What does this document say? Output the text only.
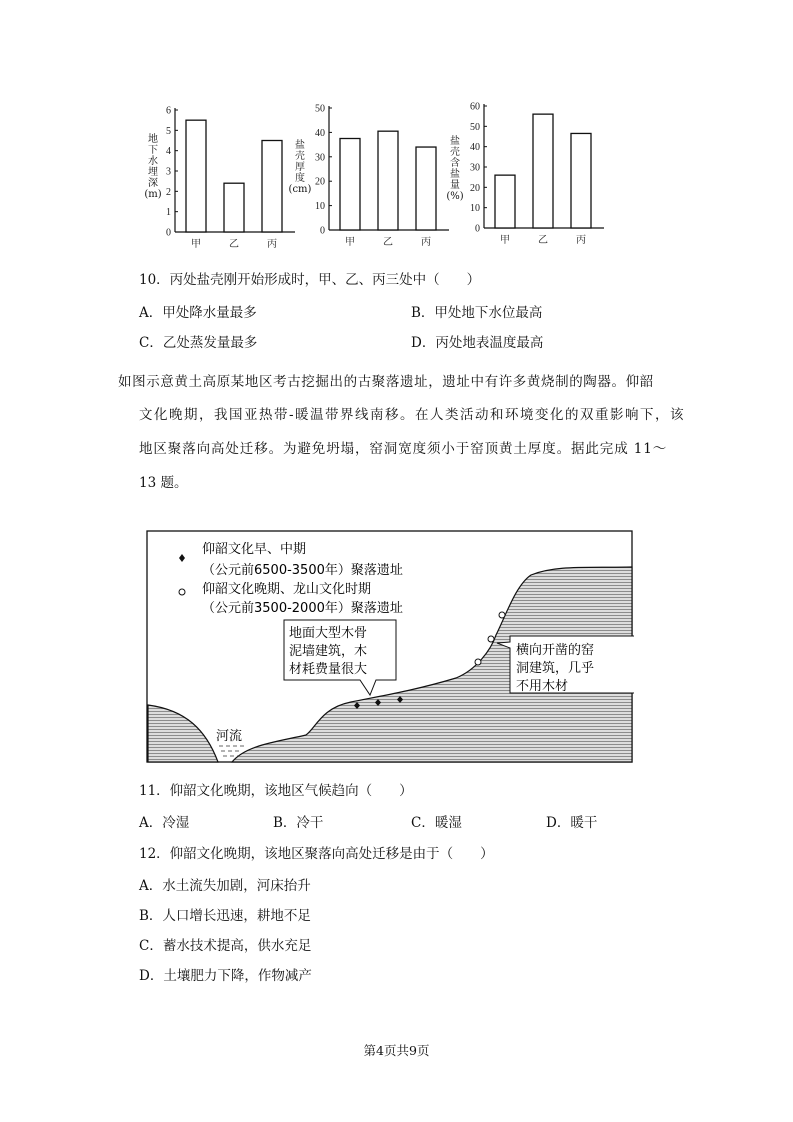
地下水埋深
(m)
0
1
2
3
4
5
6
甲	乙	丙
盐壳厚度
(cm)
0
10
20
30
40
50
甲	乙	丙
盐壳含盐量
(%)
0
10
20
30
40
50
60
甲	乙	丙
10．丙处盐壳刚开始形成时，甲、乙、丙三处中（　　）
A．甲处降水量最多	B．甲处地下水位最高
C．乙处蒸发量最多	D．丙处地表温度最高
如图示意黄土高原某地区考古挖掘出的古聚落遗址，遗址中有许多黄烧制的陶器。仰韶
文化晚期，我国亚热带-暖温带界线南移。在人类活动和环境变化的双重影响下，该
地区聚落向高处迁移。为避免坍塌，窑洞宽度须小于窑顶黄土厚度。据此完成 11～
13 题。
仰韶文化早、中期
（公元前6500-3500年）聚落遗址
仰韶文化晚期、龙山文化时期
（公元前3500-2000年）聚落遗址
地面大型木骨
泥墙建筑，木
材耗费量很大
横向开凿的窑
洞建筑，几乎
不用木材
河流
11．仰韶文化晚期，该地区气候趋向（　　）
A．冷湿	B．冷干	C．暖湿	D．暖干
12．仰韶文化晚期，该地区聚落向高处迁移是由于（　　）
A．水土流失加剧，河床抬升
B．人口增长迅速，耕地不足
C．蓄水技术提高，供水充足
D．土壤肥力下降，作物减产
第4页共9页
